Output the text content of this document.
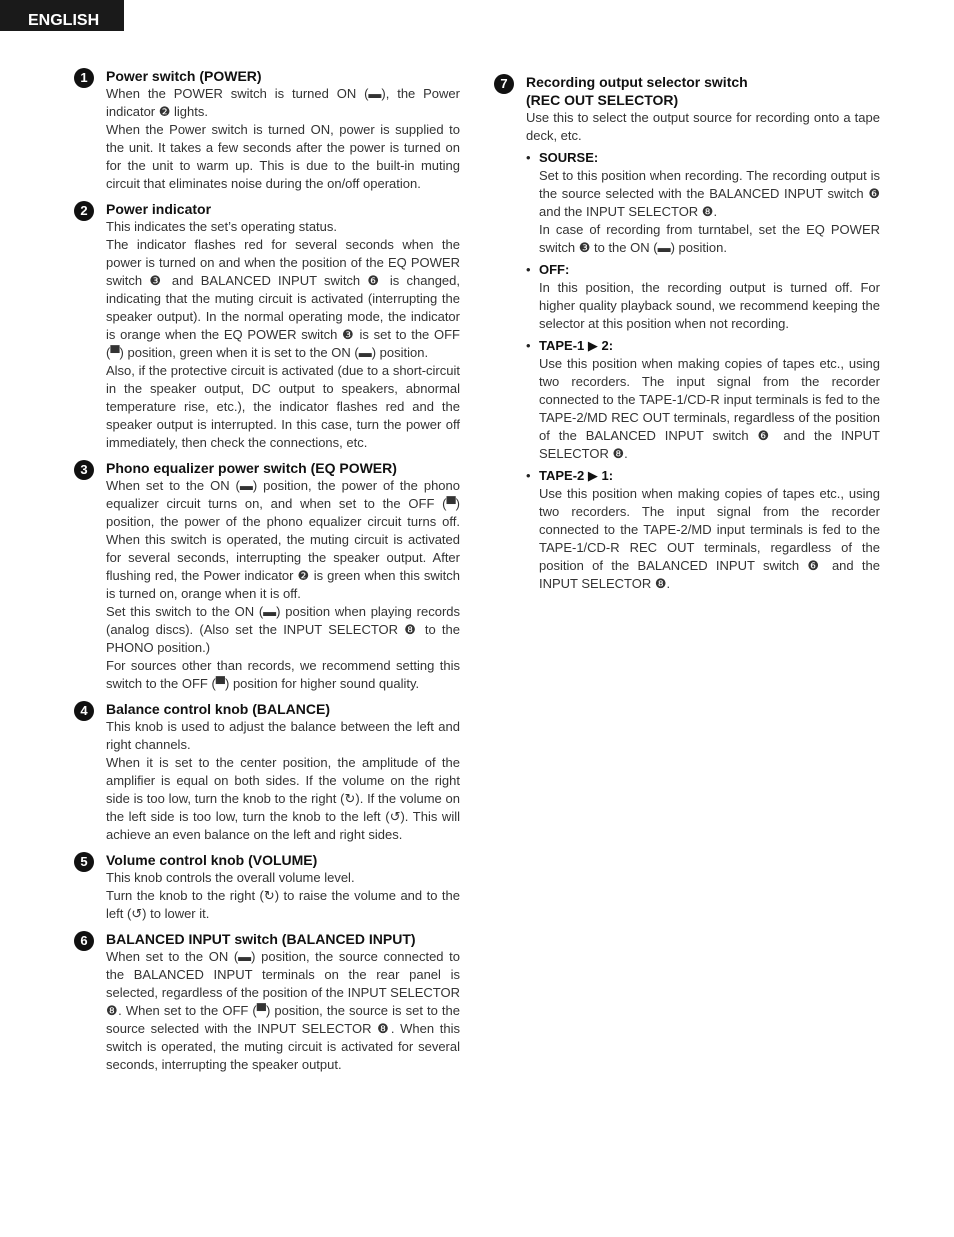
ENGLISH
1	Power switch (POWER)

When the POWER switch is turned ON (▬), the Power indicator ❷ lights.

When the Power switch is turned ON, power is supplied to the unit. It takes a few seconds after the power is turned on for the unit to warm up. This is due to the built-in muting circuit that eliminates noise during the on/off operation.

2	Power indicator

This indicates the set’s operating status.

The indicator flashes red for several seconds when the power is turned on and when the position of the EQ POWER switch ❸ and BALANCED INPUT switch ❻ is changed, indicating that the muting circuit is activated (interrupting the speaker output). In the normal operating mode, the indicator is orange when the EQ POWER switch ❸ is set to the OFF (▀) position, green when it is set to the ON (▬) position.

Also, if the protective circuit is activated (due to a short-circuit in the speaker output, DC output to speakers, abnormal temperature rise, etc.), the indicator flashes red and the speaker output is interrupted. In this case, turn the power off immediately, then check the connections, etc.

3	Phono equalizer power switch (EQ POWER)

When set to the ON (▬) position, the power of the phono equalizer circuit turns on, and when set to the OFF (▀) position, the power of the phono equalizer circuit turns off. When this switch is operated, the muting circuit is activated for several seconds, interrupting the speaker output. After flushing red, the Power indicator ❷ is green when this switch is turned on, orange when it is off.

Set this switch to the ON (▬) position when playing records (analog discs). (Also set the INPUT SELECTOR ❽ to the PHONO position.)

For sources other than records, we recommend setting this switch to the OFF (▀) position for higher sound quality.

4	Balance control knob (BALANCE)

This knob is used to adjust the balance between the left and right channels.

When it is set to the center position, the amplitude of the amplifier is equal on both sides. If the volume on the right side is too low, turn the knob to the right (↻). If the volume on the left side is too low, turn the knob to the left (↺). This will achieve an even balance on the left and right sides.

5	Volume control knob (VOLUME)

This knob controls the overall volume level.

Turn the knob to the right (↻) to raise the volume and to the left (↺) to lower it.

6	BALANCED INPUT switch (BALANCED INPUT)

When set to the ON (▬) position, the source connected to the BALANCED INPUT terminals on the rear panel is selected, regardless of the position of the INPUT SELECTOR ❽. When set to the OFF (▀) position, the source is set to the source selected with the INPUT SELECTOR ❽. When this switch is operated, the muting circuit is activated for several seconds, interrupting the speaker output.

7	Recording output selector switch

(REC OUT SELECTOR)

Use this to select the output source for recording onto a tape deck, etc.

• SOURSE:

Set to this position when recording. The recording output is the source selected with the BALANCED INPUT switch ❻ and the INPUT SELECTOR ❽.

In case of recording from turntabel, set the EQ POWER switch ❸ to the ON (▬) position.

• OFF:

In this position, the recording output is turned off. For higher quality playback sound, we recommend keeping the selector at this position when not recording.

• TAPE-1 ▶ 2:

Use this position when making copies of tapes etc., using two recorders. The input signal from the recorder connected to the TAPE-1/CD-R input terminals is fed to the TAPE-2/MD REC OUT terminals, regardless of the position of the BALANCED INPUT switch ❻ and the INPUT SELECTOR ❽.

• TAPE-2 ▶ 1:

Use this position when making copies of tapes etc., using two recorders. The input signal from the recorder connected to the TAPE-2/MD input terminals is fed to the TAPE-1/CD-R REC OUT terminals, regardless of the position of the BALANCED INPUT switch ❻ and the INPUT SELECTOR ❽.
